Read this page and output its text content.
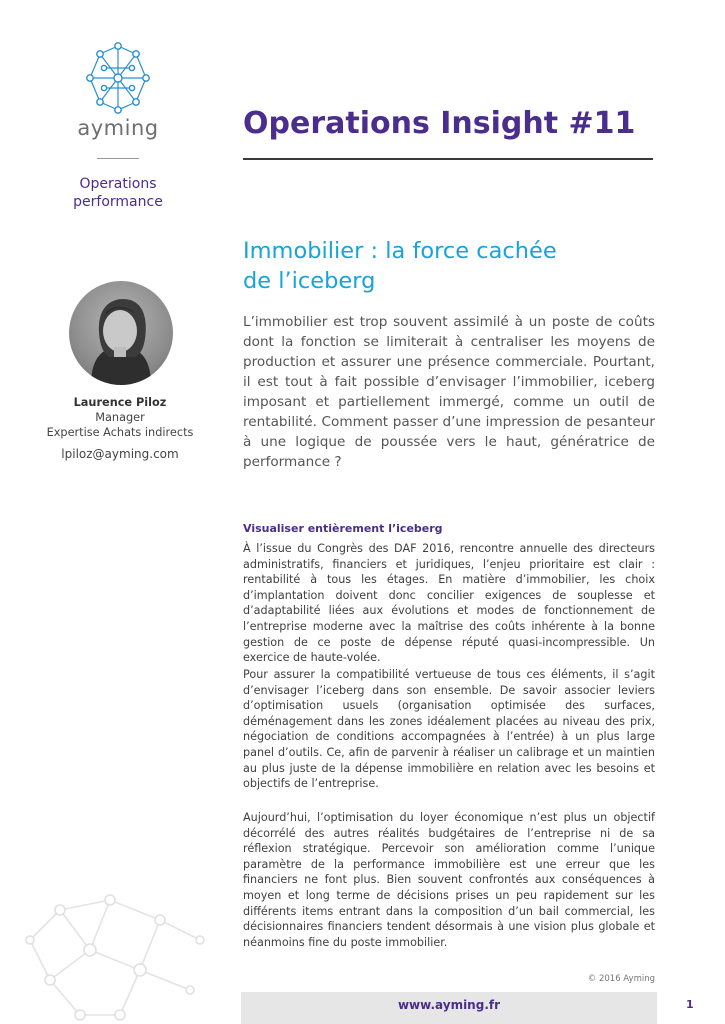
ayming
Operations
performance
Operations Insight #11
Immobilier : la force cachée
de l’iceberg

L’immobilier est trop souvent assimilé à un poste de coûts dont la fonction se limiterait à centraliser les moyens de production et assurer une présence commerciale. Pourtant, il est tout à fait possible d’envisager l’immobilier, iceberg imposant et partiellement immergé, comme un outil de rentabilité. Comment passer d’une impression de pesanteur à une logique de poussée vers le haut, génératrice de performance ?

Laurence Piloz
Manager
Expertise Achats indirects
lpiloz@ayming.com
Visualiser entièrement l’iceberg

À l’issue du Congrès des DAF 2016, rencontre annuelle des directeurs administratifs, financiers et juridiques, l’enjeu prioritaire est clair : rentabilité à tous les étages. En matière d’immobilier, les choix d’implantation doivent donc concilier exigences de souplesse et d’adaptabilité liées aux évolutions et modes de fonctionnement de l’entreprise moderne avec la maîtrise des coûts inhérente à la bonne gestion de ce poste de dépense réputé quasi-incompressible. Un exercice de haute-volée.

Pour assurer la compatibilité vertueuse de tous ces éléments, il s’agit d’envisager l’iceberg dans son ensemble. De savoir associer leviers d’optimisation usuels (organisation optimisée des surfaces, déménagement dans les zones idéalement placées au niveau des prix, négociation de conditions accompagnées à l’entrée) à un plus large panel d’outils. Ce, afin de parvenir à réaliser un calibrage et un maintien au plus juste de la dépense immobilière en relation avec les besoins et objectifs de l’entreprise.

Aujourd’hui, l’optimisation du loyer économique n’est plus un objectif décorrélé des autres réalités budgétaires de l’entreprise ni de sa réflexion stratégique. Percevoir son amélioration comme l’unique paramètre de la performance immobilière est une erreur que les financiers ne font plus. Bien souvent confrontés aux conséquences à moyen et long terme de décisions prises un peu rapidement sur les différents items entrant dans la composition d’un bail commercial, les décisionnaires financiers tendent désormais à une vision plus globale et néanmoins fine du poste immobilier.

© 2016 Ayming
www.ayming.fr	1
